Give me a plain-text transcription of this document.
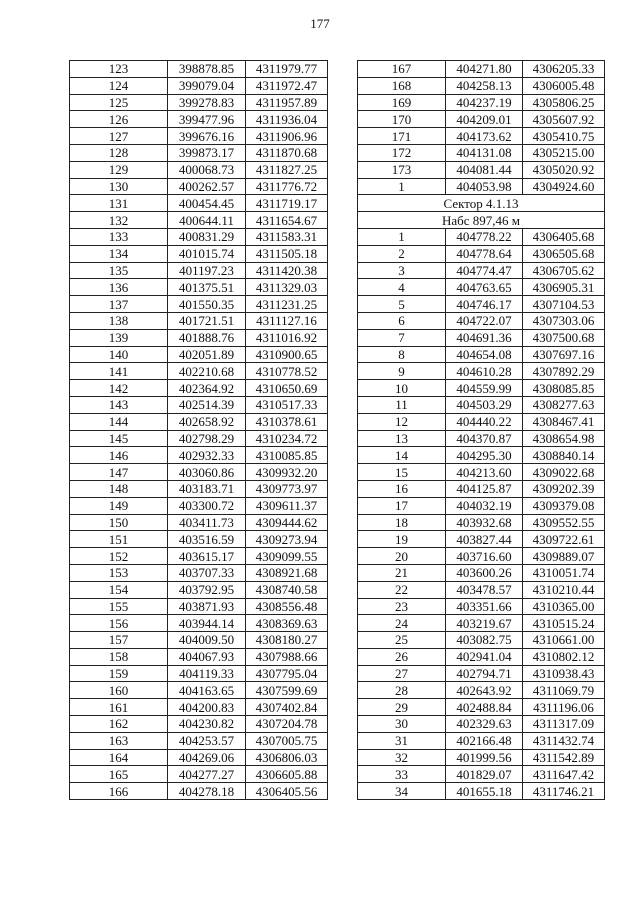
177
123	398878.85	4311979.77
124	399079.04	4311972.47
125	399278.83	4311957.89
126	399477.96	4311936.04
127	399676.16	4311906.96
128	399873.17	4311870.68
129	400068.73	4311827.25
130	400262.57	4311776.72
131	400454.45	4311719.17
132	400644.11	4311654.67
133	400831.29	4311583.31
134	401015.74	4311505.18
135	401197.23	4311420.38
136	401375.51	4311329.03
137	401550.35	4311231.25
138	401721.51	4311127.16
139	401888.76	4311016.92
140	402051.89	4310900.65
141	402210.68	4310778.52
142	402364.92	4310650.69
143	402514.39	4310517.33
144	402658.92	4310378.61
145	402798.29	4310234.72
146	402932.33	4310085.85
147	403060.86	4309932.20
148	403183.71	4309773.97
149	403300.72	4309611.37
150	403411.73	4309444.62
151	403516.59	4309273.94
152	403615.17	4309099.55
153	403707.33	4308921.68
154	403792.95	4308740.58
155	403871.93	4308556.48
156	403944.14	4308369.63
157	404009.50	4308180.27
158	404067.93	4307988.66
159	404119.33	4307795.04
160	404163.65	4307599.69
161	404200.83	4307402.84
162	404230.82	4307204.78
163	404253.57	4307005.75
164	404269.06	4306806.03
165	404277.27	4306605.88
166	404278.18	4306405.56
167	404271.80	4306205.33
168	404258.13	4306005.48
169	404237.19	4305806.25
170	404209.01	4305607.92
171	404173.62	4305410.75
172	404131.08	4305215.00
173	404081.44	4305020.92
1	404053.98	4304924.60
Сектор 4.1.13		
Набс 897,46 м		
1	404778.22	4306405.68
2	404778.64	4306505.68
3	404774.47	4306705.62
4	404763.65	4306905.31
5	404746.17	4307104.53
6	404722.07	4307303.06
7	404691.36	4307500.68
8	404654.08	4307697.16
9	404610.28	4307892.29
10	404559.99	4308085.85
11	404503.29	4308277.63
12	404440.22	4308467.41
13	404370.87	4308654.98
14	404295.30	4308840.14
15	404213.60	4309022.68
16	404125.87	4309202.39
17	404032.19	4309379.08
18	403932.68	4309552.55
19	403827.44	4309722.61
20	403716.60	4309889.07
21	403600.26	4310051.74
22	403478.57	4310210.44
23	403351.66	4310365.00
24	403219.67	4310515.24
25	403082.75	4310661.00
26	402941.04	4310802.12
27	402794.71	4310938.43
28	402643.92	4311069.79
29	402488.84	4311196.06
30	402329.63	4311317.09
31	402166.48	4311432.74
32	401999.56	4311542.89
33	401829.07	4311647.42
34	401655.18	4311746.21
